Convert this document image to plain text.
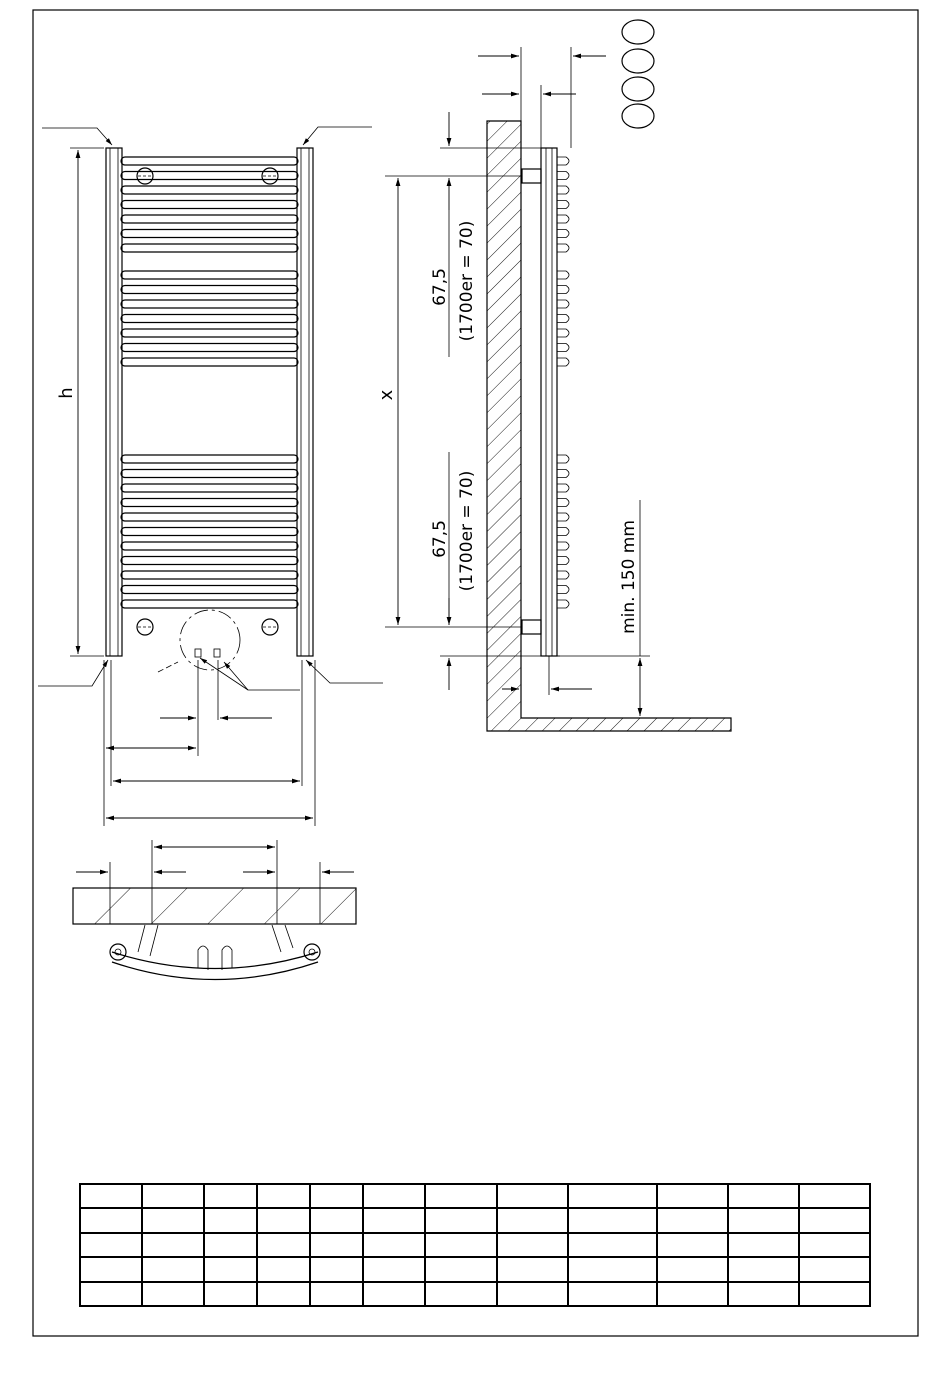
h	x
67,5 (1700er = 70)
67,5 (1700er = 70)	min. 150 mm
